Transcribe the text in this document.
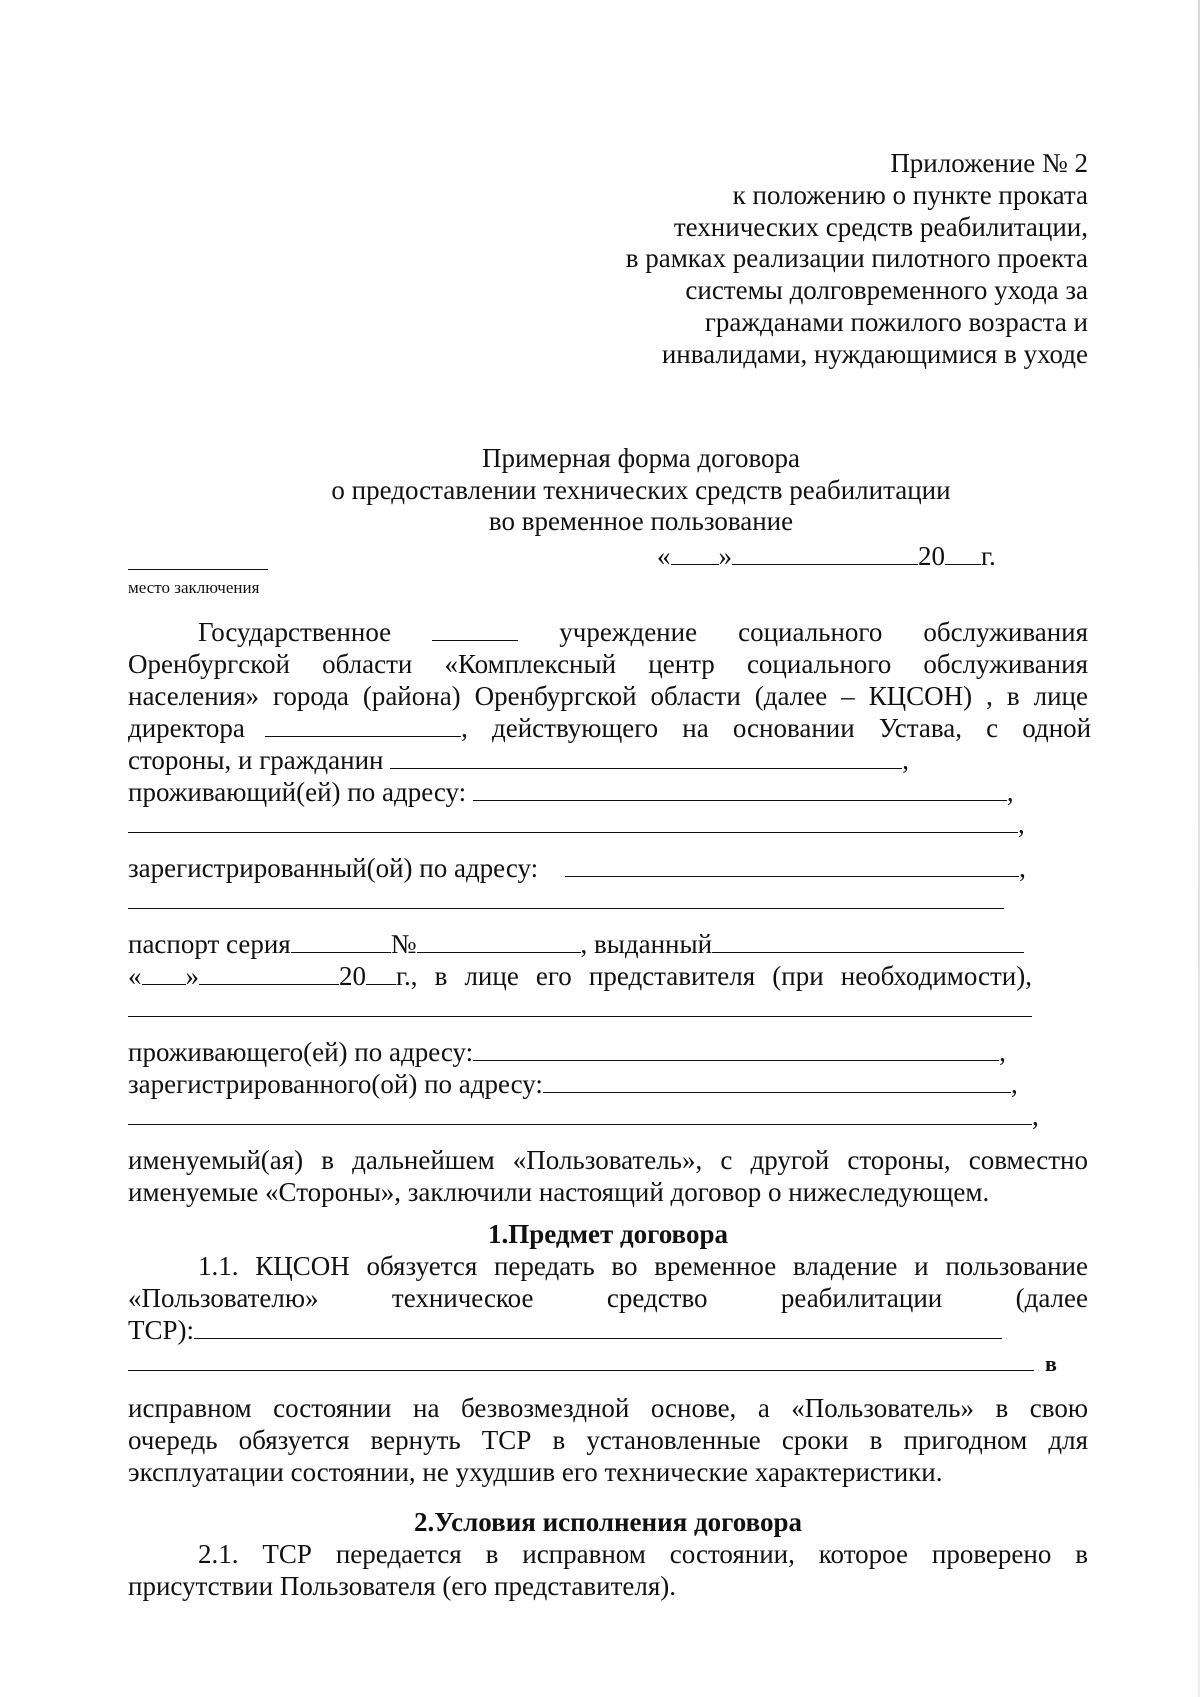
Приложение № 2
к положению о пункте проката
технических средств реабилитации,
в рамках реализации пилотного проекта
системы долговременного ухода за
гражданами пожилого возраста и
инвалидами, нуждающимися в уходе
Примерная форма договора
о предоставлении технических средств реабилитации
во временное пользование
« »	20 г.
место заключения
Государственное	учреждение социального обслуживания
Оренбургской области «Комплексный центр социального обслуживания
населения» города (района) Оренбургской области (далее – КЦСОН) , в лице
директора	, действующего на основании Устава, с одной
стороны, и гражданин	,
проживающий(ей) по адресу:	,
,
зарегистрированный(ой) по адресу:	,
паспорт серия	№	, выданный
« »	20 г., в лице его представителя (при необходимости),
проживающего(ей) по адресу:	,
зарегистрированного(ой) по адресу:	,
,
именуемый(ая) в дальнейшем «Пользователь», с другой стороны, совместно
именуемые «Стороны», заключили настоящий договор о нижеследующем.
1.Предмет договора
1.1. КЦСОН обязуется передать во временное владение и пользование
«Пользователю» техническое средство реабилитации (далее
ТСР):
в
исправном состоянии на безвозмездной основе, а «Пользователь» в свою
очередь обязуется вернуть ТСР в установленные сроки в пригодном для
эксплуатации состоянии, не ухудшив его технические характеристики.
2.Условия исполнения договора
2.1. ТСР передается в исправном состоянии, которое проверено в
присутствии Пользователя (его представителя).
